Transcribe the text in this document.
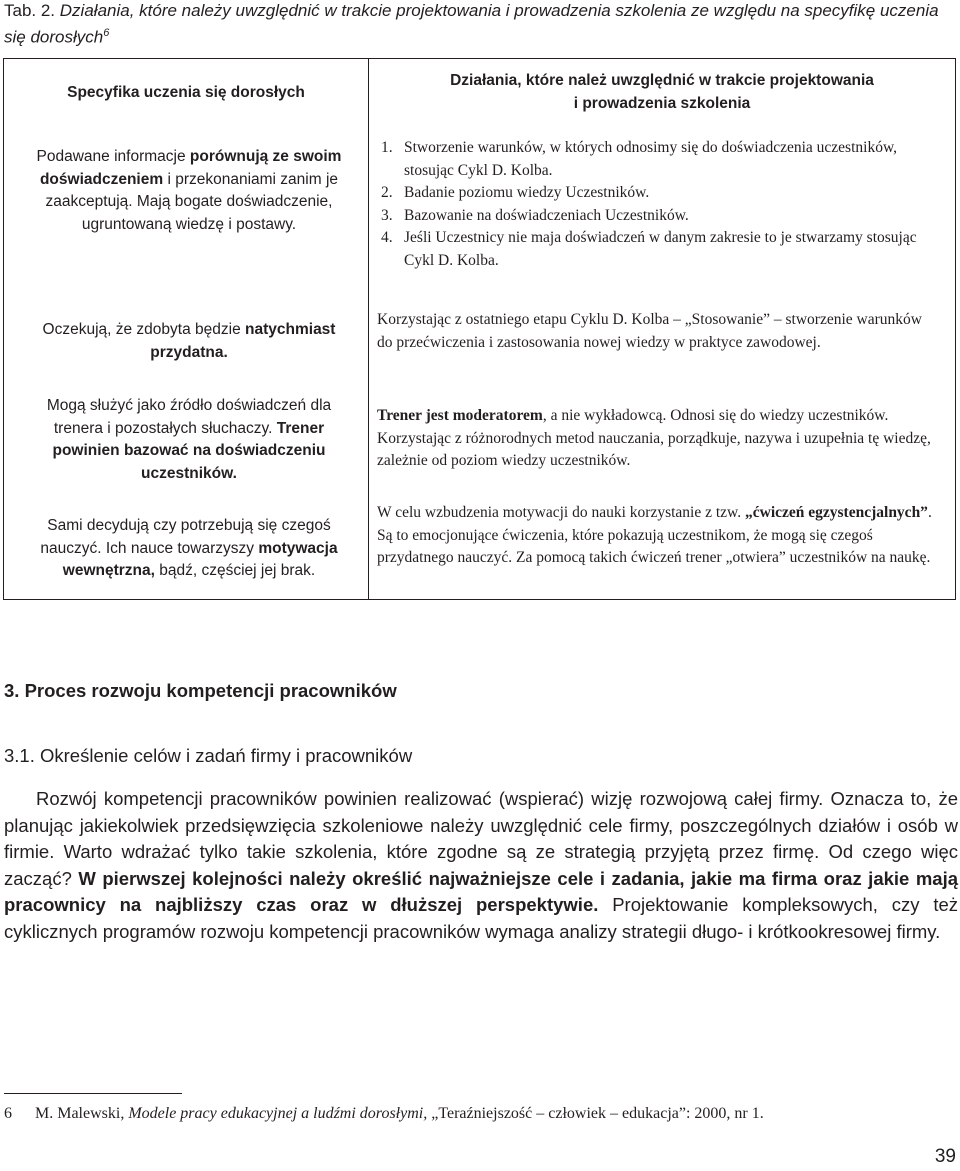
Tab. 2. Działania, które należy uwzględnić w trakcie projektowania i prowadzenia szkolenia ze względu na specyfikę uczenia się dorosłych$^6$
Specyfika uczenia się dorosłych
Podawane informacje porównują ze swoim doświadczeniem i przekonaniami zanim je zaakceptują. Mają bogate doświadczenie, ugruntowaną wiedzę i postawy.
Oczekują, że zdobyta będzie natychmiast przydatna.
Mogą służyć jako źródło doświadczeń dla trenera i pozostałych słuchaczy. Trener powinien bazować na doświadczeniu uczestników.
Sami decydują czy potrzebują się czegoś nauczyć. Ich nauce towarzyszy motywacja wewnętrzna, bądź, częściej jej brak.
Działania, które należ uwzględnić w trakcie projektowania
i prowadzenia szkolenia
1. Stworzenie warunków, w których odnosimy się do doświadczenia uczestników, stosując Cykl D. Kolba.
2. Badanie poziomu wiedzy Uczestników.
3. Bazowanie na doświadczeniach Uczestników.
4. Jeśli Uczestnicy nie maja doświadczeń w danym zakresie to je stwarzamy stosując Cykl D. Kolba.
Korzystając z ostatniego etapu Cyklu D. Kolba – „Stosowanie” – stworzenie warunków do przećwiczenia i zastosowania nowej wiedzy w praktyce zawodowej.
Trener jest moderatorem, a nie wykładowcą. Odnosi się do wiedzy uczestników. Korzystając z różnorodnych metod nauczania, porządkuje, nazywa i uzupełnia tę wiedzę, zależnie od poziom wiedzy uczestników.
W celu wzbudzenia motywacji do nauki korzystanie z tzw. „ćwiczeń egzystencjalnych”. Są to emocjonujące ćwiczenia, które pokazują uczestnikom, że mogą się czegoś przydatnego nauczyć. Za pomocą takich ćwiczeń trener „otwiera” uczestników na naukę.
3. Proces rozwoju kompetencji pracowników
3.1. Określenie celów i zadań firmy i pracowników
Rozwój kompetencji pracowników powinien realizować (wspierać) wizję rozwojową całej firmy. Oznacza to, że planując jakiekolwiek przedsięwzięcia szkoleniowe należy uwzględnić cele firmy, poszczególnych działów i osób w firmie. Warto wdrażać tylko takie szkolenia, które zgodne są ze strategią przyjętą przez firmę. Od czego więc zacząć? W pierwszej kolejności należy określić najważniejsze cele i zadania, jakie ma firma oraz jakie mają pracownicy na najbliższy czas oraz w dłuższej perspektywie. Projektowanie kompleksowych, czy też cyklicznych programów rozwoju kompetencji pracowników wymaga analizy strategii długo- i krótkookresowej firmy.
6 M. Malewski, Modele pracy edukacyjnej a ludźmi dorosłymi, „Teraźniejszość – człowiek – edukacja”: 2000, nr 1.
39
